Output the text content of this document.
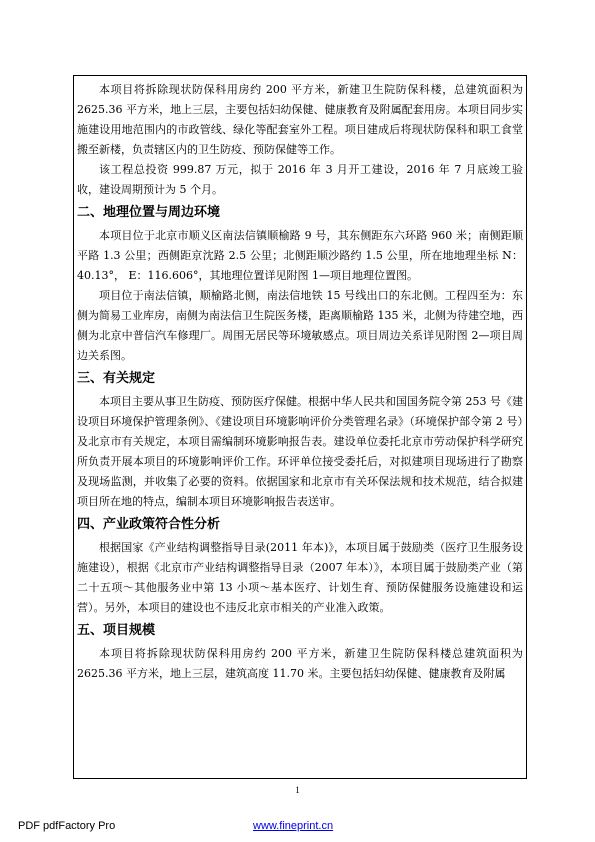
本项目将拆除现状防保科用房约 200 平方米，新建卫生院防保科楼，总建筑面积为 2625.36 平方米，地上三层，主要包括妇幼保健、健康教育及附属配套用房。本项目同步实施建设用地范围内的市政管线、绿化等配套室外工程。项目建成后将现状防保科和职工食堂搬至新楼，负责辖区内的卫生防疫、预防保健等工作。

该工程总投资 999.87 万元，拟于 2016 年 3 月开工建设，2016 年 7 月底竣工验收，建设周期预计为 5 个月。

二、地理位置与周边环境

本项目位于北京市顺义区南法信镇顺榆路 9 号，其东侧距东六环路 960 米；南侧距顺平路 1.3 公里；西侧距京沈路 2.5 公里；北侧距顺沙路约 1.5 公里，所在地地理坐标 N：40.13°， E：116.606°，其地理位置详见附图 1—项目地理位置图。

项目位于南法信镇，顺榆路北侧，南法信地铁 15 号线出口的东北侧。工程四至为：东侧为简易工业库房，南侧为南法信卫生院医务楼，距离顺榆路 135 米，北侧为待建空地，西侧为北京中普信汽车修理厂。周围无居民等环境敏感点。项目周边关系详见附图 2—项目周边关系图。

三、有关规定

本项目主要从事卫生防疫、预防医疗保健。根据中华人民共和国国务院令第 253 号《建设项目环境保护管理条例》、《建设项目环境影响评价分类管理名录》（环境保护部令第 2 号）及北京市有关规定，本项目需编制环境影响报告表。建设单位委托北京市劳动保护科学研究所负责开展本项目的环境影响评价工作。环评单位接受委托后，对拟建项目现场进行了勘察及现场监测，并收集了必要的资料。依据国家和北京市有关环保法规和技术规范，结合拟建项目所在地的特点，编制本项目环境影响报告表送审。

四、产业政策符合性分析

根据国家《产业结构调整指导目录(2011 年本)》，本项目属于鼓励类（医疗卫生服务设施建设），根据《北京市产业结构调整指导目录（2007 年本）》，本项目属于鼓励类产业（第二十五项～其他服务业中第 13 小项～基本医疗、计划生育、预防保健服务设施建设和运营）。另外，本项目的建设也不违反北京市相关的产业准入政策。

五、项目规模

本项目将拆除现状防保科用房约 200 平方米，新建卫生院防保科楼总建筑面积为 2625.36 平方米，地上三层，建筑高度 11.70 米。主要包括妇幼保健、健康教育及附属

1
PDF pdfFactory Pro	www.fineprint.cn
